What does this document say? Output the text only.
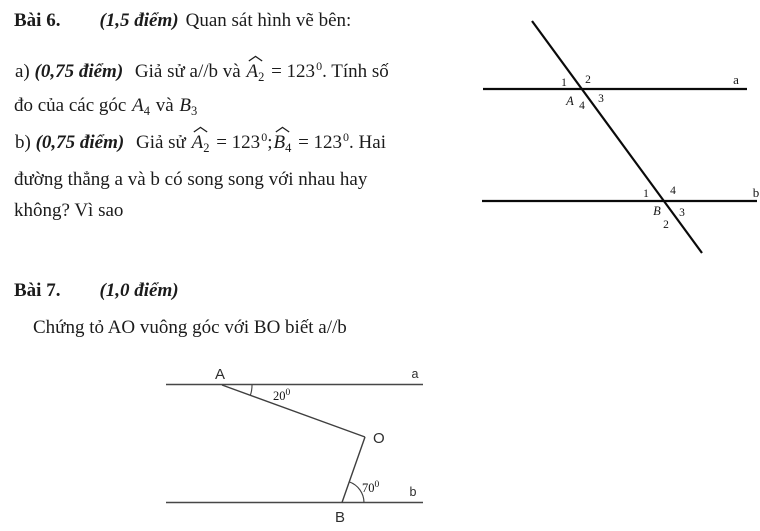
Bài 6. (1,5 điểm) Quan sát hình vẽ bên:
a) (0,75 điểm) Giả sử a//b và $A_2 = 123^0$. Tính số
đo của các góc $A_4$ và $B_3$
b) (0,75 điểm) Giả sử $A_2 = 123^0$;
$B_4 = 123^0$. Hai
đường thẳng a và b có song song với nhau hay
không? Vì sao
Bài 7. (1,0 điểm)
Chứng tỏ AO vuông góc với BO biết a//b
a
b
1 2
A 4
3
1 4
B 3
2
A
O
B
a
b
$20^0$
$70^0$
